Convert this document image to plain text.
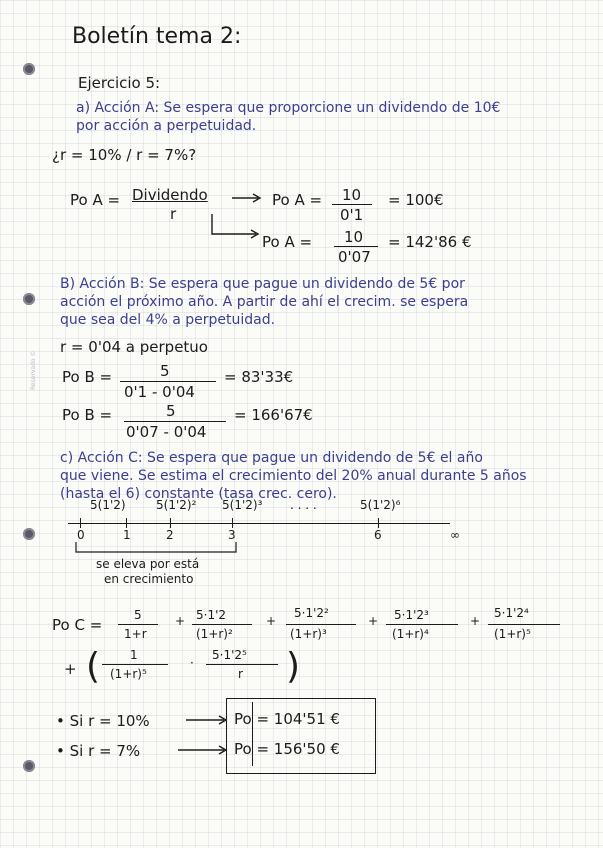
Reservado ©
Boletín tema 2:
Ejercicio 5:
a) Acción A: Se espera que proporcione un dividendo de 10€
por acción a perpetuidad.
¿r = 10% / r = 7%?
Po A = Dividendo
r
Po A = 10
0'1
= 100€
Po A = 10
0'07
= 142'86 €
B) Acción B: Se espera que pague un dividendo de 5€ por
acción el próximo año. A partir de ahí el crecim. se espera
que sea del 4% a perpetuidad.
r = 0'04 a perpetuo
Po B =	5
0'1 - 0'04
= 83'33€
Po B =	5
0'07 - 0'04
= 166'67€
c) Acción C: Se espera que pague un dividendo de 5€ el año
que viene. Se estima el crecimiento del 20% anual durante 5 años
(hasta el 6) constante (tasa crec. cero).
5(1'2)	5(1'2)² 5(1'2)³ . . . .	5(1'2)⁶
0	1	2	3	6	∞
se eleva por está
en crecimiento
Po C =
5
1+r
+ 5·1'2
(1+r)²
+
5·1'2²
(1+r)³
+ 5·1'2³
(1+r)⁴
+
5·1'2⁴
(1+r)⁵
+ ( 1
(1+r)⁵
·
5·1'2⁵
r )
• Si r = 10%
• Si r = 7%
Po = 104'51 €
Po = 156'50 €
